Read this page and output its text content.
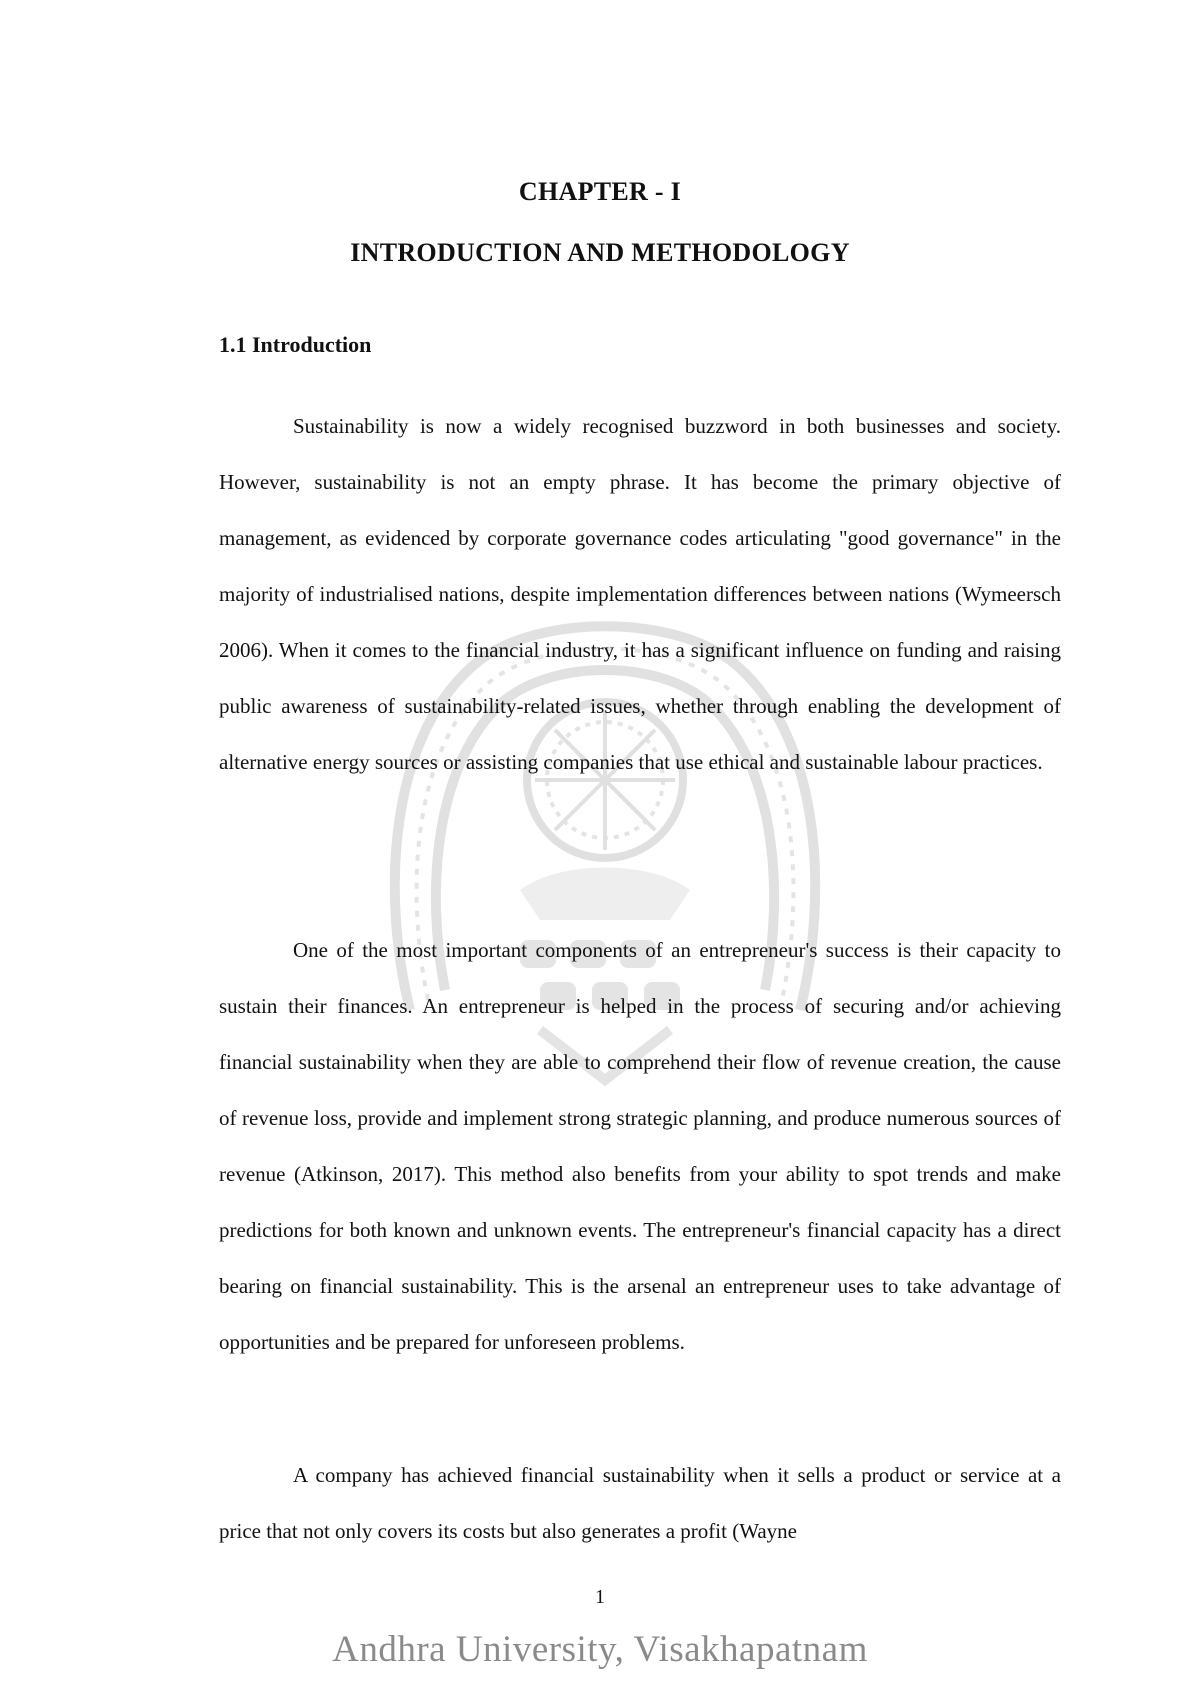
CHAPTER - I
INTRODUCTION AND METHODOLOGY
1.1 Introduction

Sustainability is now a widely recognised buzzword in both businesses and society. However, sustainability is not an empty phrase. It has become the primary objective of management, as evidenced by corporate governance codes articulating "good governance" in the majority of industrialised nations, despite implementation differences between nations (Wymeersch 2006). When it comes to the financial industry, it has a significant influence on funding and raising public awareness of sustainability-related issues, whether through enabling the development of alternative energy sources or assisting companies that use ethical and sustainable labour practices.

One of the most important components of an entrepreneur's success is their capacity to sustain their finances. An entrepreneur is helped in the process of securing and/or achieving financial sustainability when they are able to comprehend their flow of revenue creation, the cause of revenue loss, provide and implement strong strategic planning, and produce numerous sources of revenue (Atkinson, 2017). This method also benefits from your ability to spot trends and make predictions for both known and unknown events. The entrepreneur's financial capacity has a direct bearing on financial sustainability. This is the arsenal an entrepreneur uses to take advantage of opportunities and be prepared for unforeseen problems.

A company has achieved financial sustainability when it sells a product or service at a price that not only covers its costs but also generates a profit (Wayne

1
Andhra University, Visakhapatnam
